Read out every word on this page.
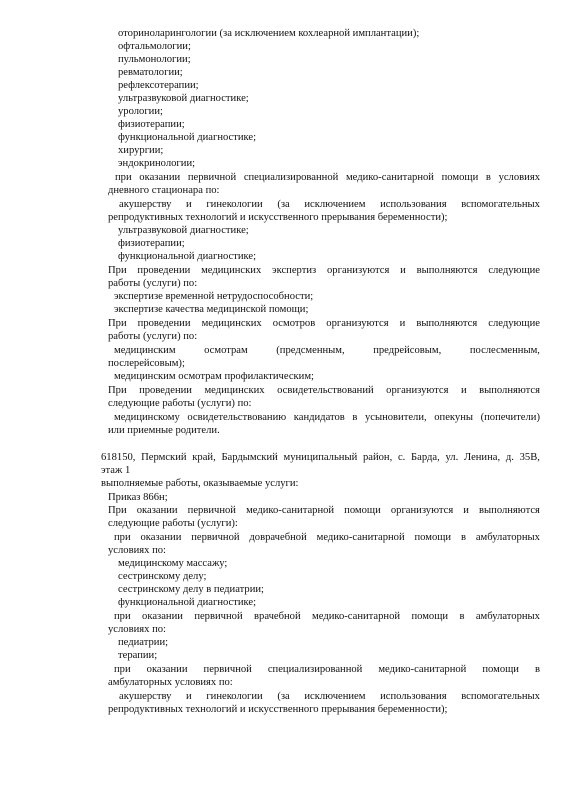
оториноларингологии (за исключением кохлеарной имплантации);
офтальмологии;
пульмонологии;
ревматологии;
рефлексотерапии;
ультразвуковой диагностике;
урологии;
физиотерапии;
функциональной диагностике;
хирургии;
эндокринологии;
при оказании первичной специализированной медико-санитарной помощи в условиях
дневного стационара по:
акушерству и гинекологии (за исключением использования вспомогательных
репродуктивных технологий и искусственного прерывания беременности);
ультразвуковой диагностике;
физиотерапии;
функциональной диагностике;
При проведении медицинских экспертиз организуются и выполняются следующие
работы (услуги) по:
экспертизе временной нетрудоспособности;
экспертизе качества медицинской помощи;
При проведении медицинских осмотров организуются и выполняются следующие
работы (услуги) по:
медицинским	осмотрам	(предсменным,	предрейсовым,	послесменным,
послерейсовым);
медицинским осмотрам профилактическим;
При проведении медицинских освидетельствований организуются и выполняются
следующие работы (услуги) по:
медицинскому освидетельствованию кандидатов в усыновители, опекуны (попечители)
или приемные родители.
618150, Пермский край, Бардымский муниципальный район, с. Барда, ул. Ленина, д. 35В,
этаж 1
выполняемые работы, оказываемые услуги:
Приказ 866н;
При оказании первичной медико-санитарной помощи организуются и выполняются
следующие работы (услуги):
при оказании первичной доврачебной медико-санитарной помощи в амбулаторных
условиях по:
медицинскому массажу;
сестринскому делу;
сестринскому делу в педиатрии;
функциональной диагностике;
при оказании первичной врачебной медико-санитарной помощи в амбулаторных
условиях по:
педиатрии;
терапии;
при оказании первичной специализированной медико-санитарной помощи в
амбулаторных условиях по:
акушерству и гинекологии (за исключением использования вспомогательных
репродуктивных технологий и искусственного прерывания беременности);
